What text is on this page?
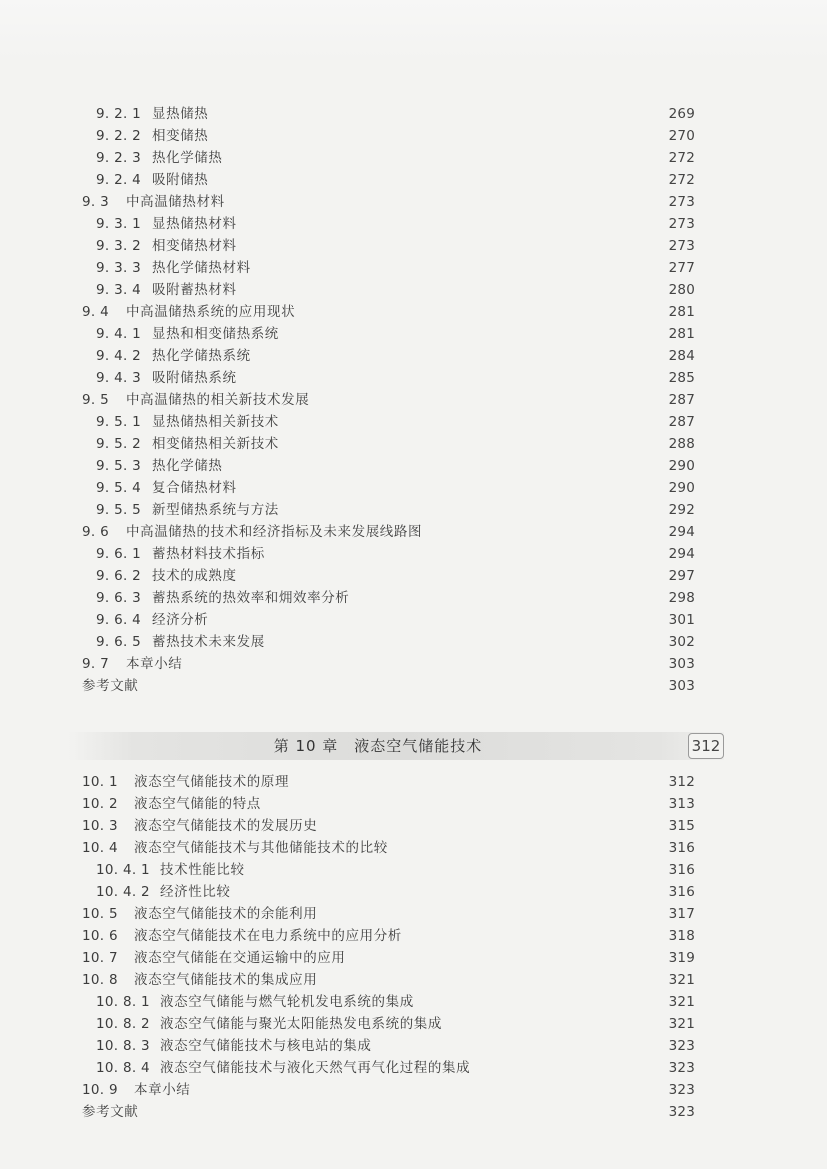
9. 2. 1 显热储热	269
9. 2. 2 相变储热	270
9. 2. 3 热化学储热	272
9. 2. 4 吸附储热	272
9. 3	中高温储热材料	273
9. 3. 1 显热储热材料	273
9. 3. 2 相变储热材料	273
9. 3. 3 热化学储热材料	277
9. 3. 4 吸附蓄热材料	280
9. 4	中高温储热系统的应用现状	281
9. 4. 1 显热和相变储热系统	281
9. 4. 2 热化学储热系统	284
9. 4. 3 吸附储热系统	285
9. 5	中高温储热的相关新技术发展	287
9. 5. 1 显热储热相关新技术	287
9. 5. 2 相变储热相关新技术	288
9. 5. 3 热化学储热	290
9. 5. 4 复合储热材料	290
9. 5. 5 新型储热系统与方法	292
9. 6	中高温储热的技术和经济指标及未来发展线路图	294
9. 6. 1 蓄热材料技术指标	294
9. 6. 2 技术的成熟度	297
9. 6. 3 蓄热系统的热效率和㶲效率分析	298
9. 6. 4 经济分析	301
9. 6. 5 蓄热技术未来发展	302
9. 7	本章小结	303
参考文献	303
第 10 章　液态空气储能技术	312
10. 1	液态空气储能技术的原理	312
10. 2	液态空气储能的特点	313
10. 3	液态空气储能技术的发展历史	315
10. 4	液态空气储能技术与其他储能技术的比较	316
10. 4. 1 技术性能比较	316
10. 4. 2 经济性比较	316
10. 5	液态空气储能技术的余能利用	317
10. 6	液态空气储能技术在电力系统中的应用分析	318
10. 7	液态空气储能在交通运输中的应用	319
10. 8	液态空气储能技术的集成应用	321
10. 8. 1 液态空气储能与燃气轮机发电系统的集成	321
10. 8. 2 液态空气储能与聚光太阳能热发电系统的集成	321
10. 8. 3 液态空气储能技术与核电站的集成	323
10. 8. 4 液态空气储能技术与液化天然气再气化过程的集成	323
10. 9	本章小结	323
参考文献	323
